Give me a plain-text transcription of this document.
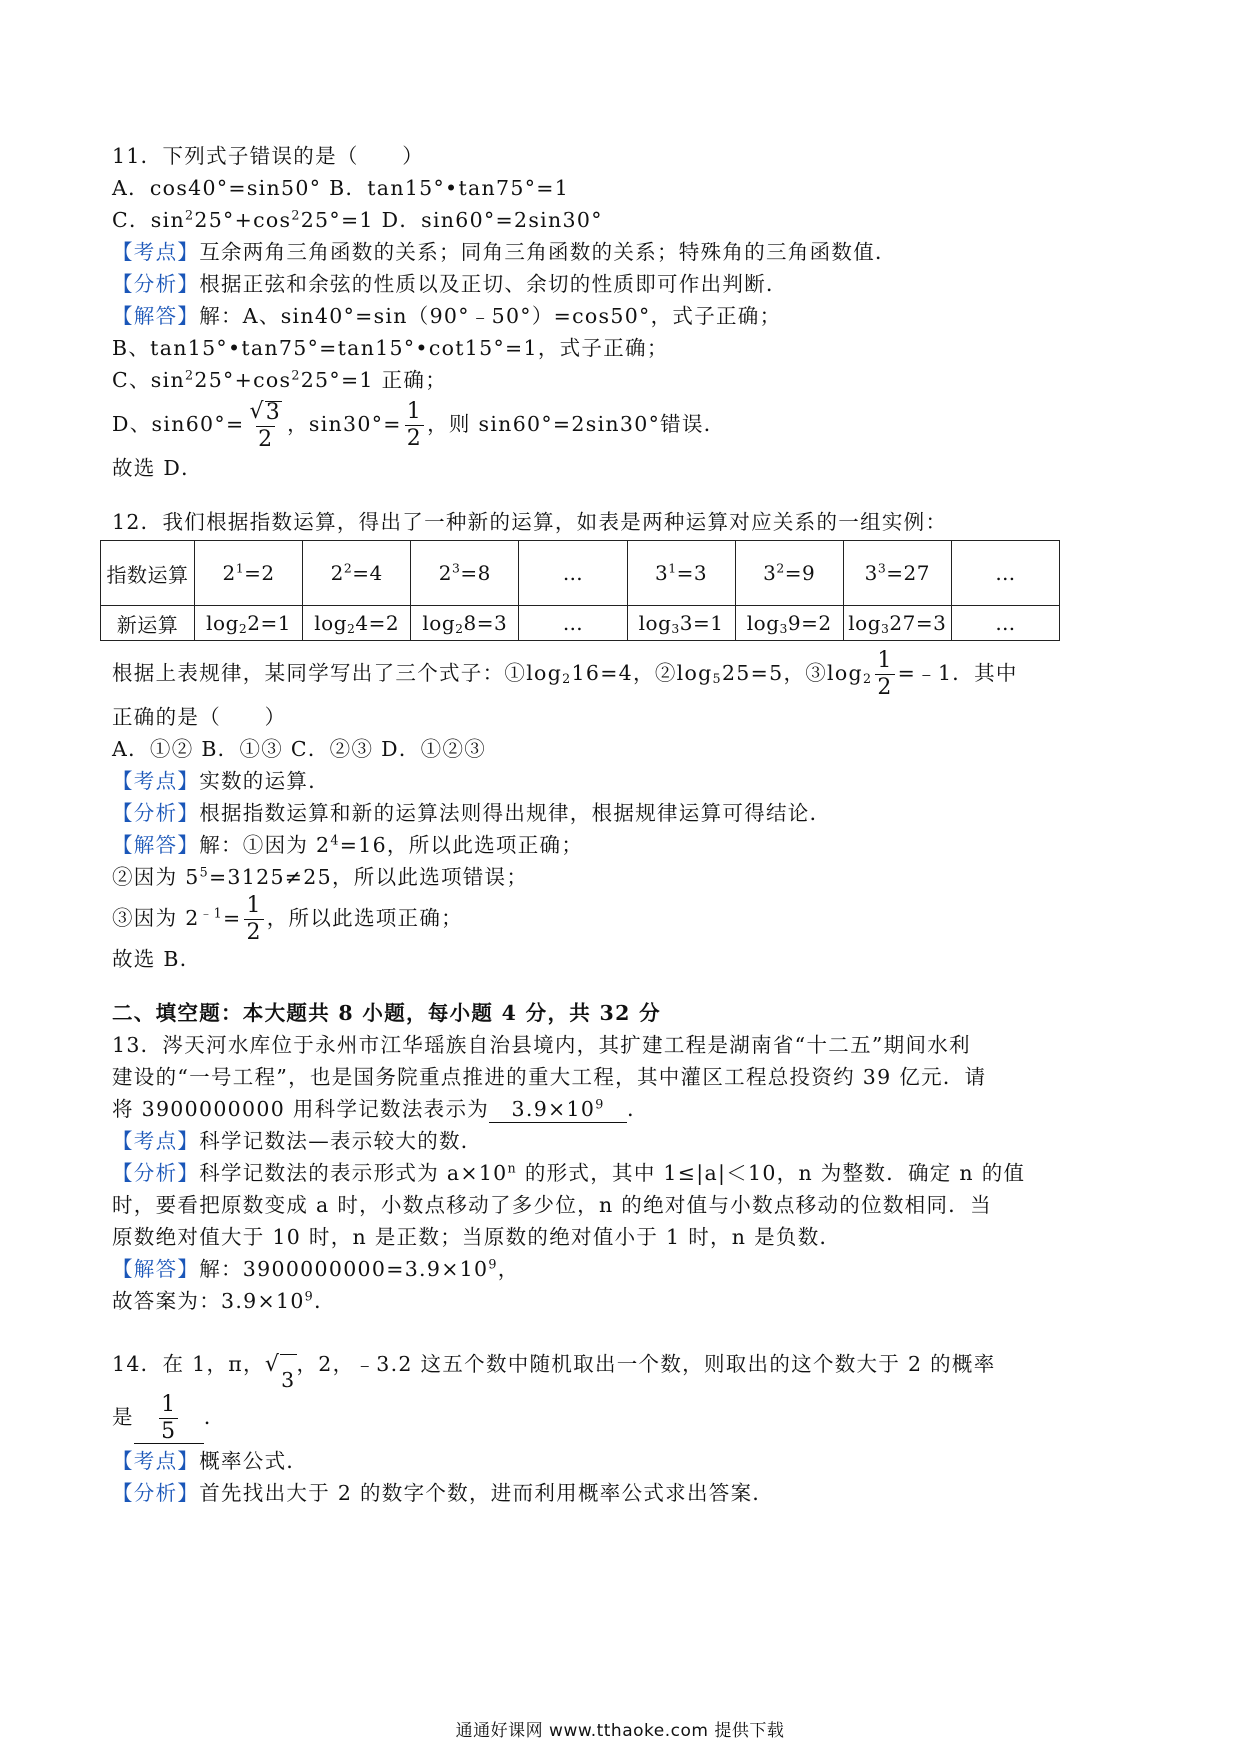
11．下列式子错误的是（　　）
A．cos40°=sin50° B．tan15°•tan75°=1
C．$\sin^225^\circ+\cos^225^\circ=1$ D．sin60°=2sin30°
【考点】互余两角三角函数的关系；同角三角函数的关系；特殊角的三角函数值．
【分析】根据正弦和余弦的性质以及正切、余切的性质即可作出判断．
【解答】解：A、sin40°=sin（90°﹣50°）=cos50°，式子正确；
B、tan15°•tan75°=tan15°•cot15°=1，式子正确；
C、$\sin^225^\circ+\cos^225^\circ=1$ 正确；
D、$\sin 60^\circ= \frac{√ 3}{2}$ ，$\sin 30^\circ= \frac{1}{2}$ ，则 sin60°=2sin30°错误．
故选 D．
12．我们根据指数运算，得出了一种新的运算，如表是两种运算对应关系的一组实例：
指数运算	$2^1=2$	$2^2=4$	$2^3=8$	…	$3^1=3$	$3^2=9$	$3^3=27$	…
新运算	$\log_22=1$	$\log_24=2$	$\log_28=3$	…	$\log_33=1$	$\log_39=2$	$\log_327=3$	…
根据上表规律，某同学写出了三个式子：$①\log_216=4$，$②\log_525=5$，$③\log_2 \frac{1}{2}$ =﹣1．其中
正确的是（　　）
A．①② B．①③ C．②③ D．①②③
【考点】实数的运算．
【分析】根据指数运算和新的运算法则得出规律，根据规律运算可得结论．
【解答】解：①因为 $2^4=16$，所以此选项正确；
②因为 $5^5=3125\ne 25$，所以此选项错误；
③因为 $2^{﹣1}= \frac{1}{2}$ ，所以此选项正确；
故选 B．
二、填空题：本大题共 8 小题，每小题 4 分，共 32 分
13．涔天河水库位于永州市江华瑶族自治县境内，其扩建工程是湖南省“十二五”期间水利
建设的“一号工程”，也是国务院重点推进的重大工程，其中灌区工程总投资约 39 亿元．请
将 3900000000 用科学记数法表示为 $3.9\times 10^9$ ．
【考点】科学记数法—表示较大的数．
【分析】科学记数法的表示形式为 $a\times 10^n$ 的形式，其中 1≤|a|＜10，n 为整数．确定 n 的值
时，要看把原数变成 a 时，小数点移动了多少位，n 的绝对值与小数点移动的位数相同．当
原数绝对值大于 10 时，n 是正数；当原数的绝对值小于 1 时，n 是负数．
【解答】解：$3900000000=3.9\times 10^9$，
故答案为：$3.9\times 10^9$．
14．在 1，π， √
3
，2，﹣3.2 这五个数中随机取出一个数，则取出的这个数大于 2 的概率
是 $\frac{1}{5}$ ．
【考点】概率公式．
【分析】首先找出大于 2 的数字个数，进而利用概率公式求出答案．
通通好课网 www.tthaoke.com 提供下载
